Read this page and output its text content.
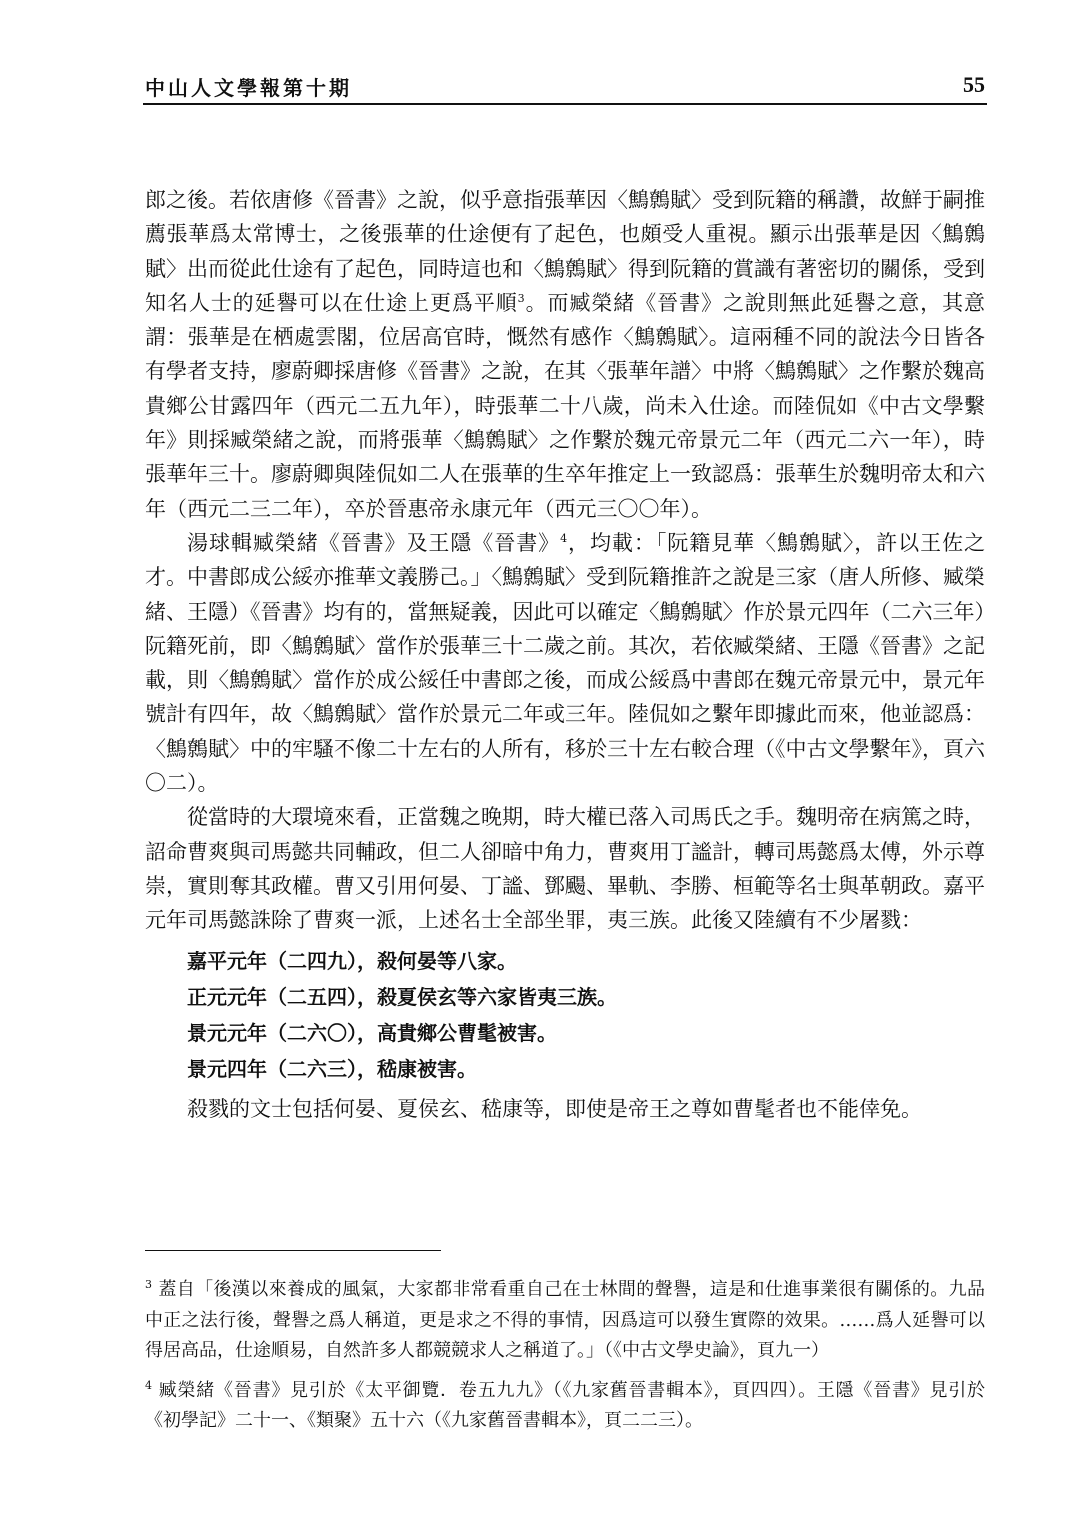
中山人文學報第十期	55

郎之後。若依唐修《晉書》之說，似乎意指張華因〈鷦鷯賦〉受到阮籍的稱讚，故鮮于嗣推薦張華爲太常博士，之後張華的仕途便有了起色，也頗受人重視。顯示出張華是因〈鷦鷯賦〉出而從此仕途有了起色，同時這也和〈鷦鷯賦〉得到阮籍的賞識有著密切的關係，受到知名人士的延譽可以在仕途上更爲平順$^3$。而臧榮緒《晉書》之說則無此延譽之意，其意謂：張華是在栖處雲閣，位居高官時，慨然有感作〈鷦鷯賦〉。這兩種不同的說法今日皆各有學者支持，廖蔚卿採唐修《晉書》之說，在其〈張華年譜〉中將〈鷦鷯賦〉之作繫於魏高貴鄉公甘露四年（西元二五九年），時張華二十八歲，尚未入仕途。而陸侃如《中古文學繫年》則採臧榮緒之說，而將張華〈鷦鷯賦〉之作繫於魏元帝景元二年（西元二六一年），時張華年三十。廖蔚卿與陸侃如二人在張華的生卒年推定上一致認爲：張華生於魏明帝太和六年（西元二三二年），卒於晉惠帝永康元年（西元三〇〇年）。

湯球輯臧榮緒《晉書》及王隱《晉書》$^4$，均載：「阮籍見華〈鷦鷯賦〉，許以王佐之才。中書郎成公綏亦推華文義勝己。」〈鷦鷯賦〉受到阮籍推許之說是三家（唐人所修、臧榮緒、王隱）《晉書》均有的，當無疑義，因此可以確定〈鷦鷯賦〉作於景元四年（二六三年）阮籍死前，即〈鷦鷯賦〉當作於張華三十二歲之前。其次，若依臧榮緒、王隱《晉書》之記載，則〈鷦鷯賦〉當作於成公綏任中書郎之後，而成公綏爲中書郎在魏元帝景元中，景元年號計有四年，故〈鷦鷯賦〉當作於景元二年或三年。陸侃如之繫年即據此而來，他並認爲：〈鷦鷯賦〉中的牢騷不像二十左右的人所有，移於三十左右較合理（《中古文學繫年》，頁六〇二）。

從當時的大環境來看，正當魏之晚期，時大權已落入司馬氏之手。魏明帝在病篤之時，詔命曹爽與司馬懿共同輔政，但二人卻暗中角力，曹爽用丁謐計，轉司馬懿爲太傅，外示尊崇，實則奪其政權。曹又引用何晏、丁謐、鄧颺、畢軌、李勝、桓範等名士與革朝政。嘉平元年司馬懿誅除了曹爽一派，上述名士全部坐罪，夷三族。此後又陸續有不少屠戮：

嘉平元年（二四九），殺何晏等八家。
正元元年（二五四），殺夏侯玄等六家皆夷三族。
景元元年（二六〇），高貴鄉公曹髦被害。
景元四年（二六三），嵇康被害。

殺戮的文士包括何晏、夏侯玄、嵇康等，即使是帝王之尊如曹髦者也不能倖免。

$^3$ 蓋自「後漢以來養成的風氣，大家都非常看重自己在士林間的聲譽，這是和仕進事業很有關係的。九品中正之法行後，聲譽之爲人稱道，更是求之不得的事情，因爲這可以發生實際的效果。……爲人延譽可以得居高品，仕途順易，自然許多人都競競求人之稱道了。」（《中古文學史論》，頁九一）

$^4$ 臧榮緒《晉書》見引於《太平御覽．卷五九九》（《九家舊晉書輯本》，頁四四）。王隱《晉書》見引於《初學記》二十一、《類聚》五十六（《九家舊晉書輯本》，頁二二三）。
